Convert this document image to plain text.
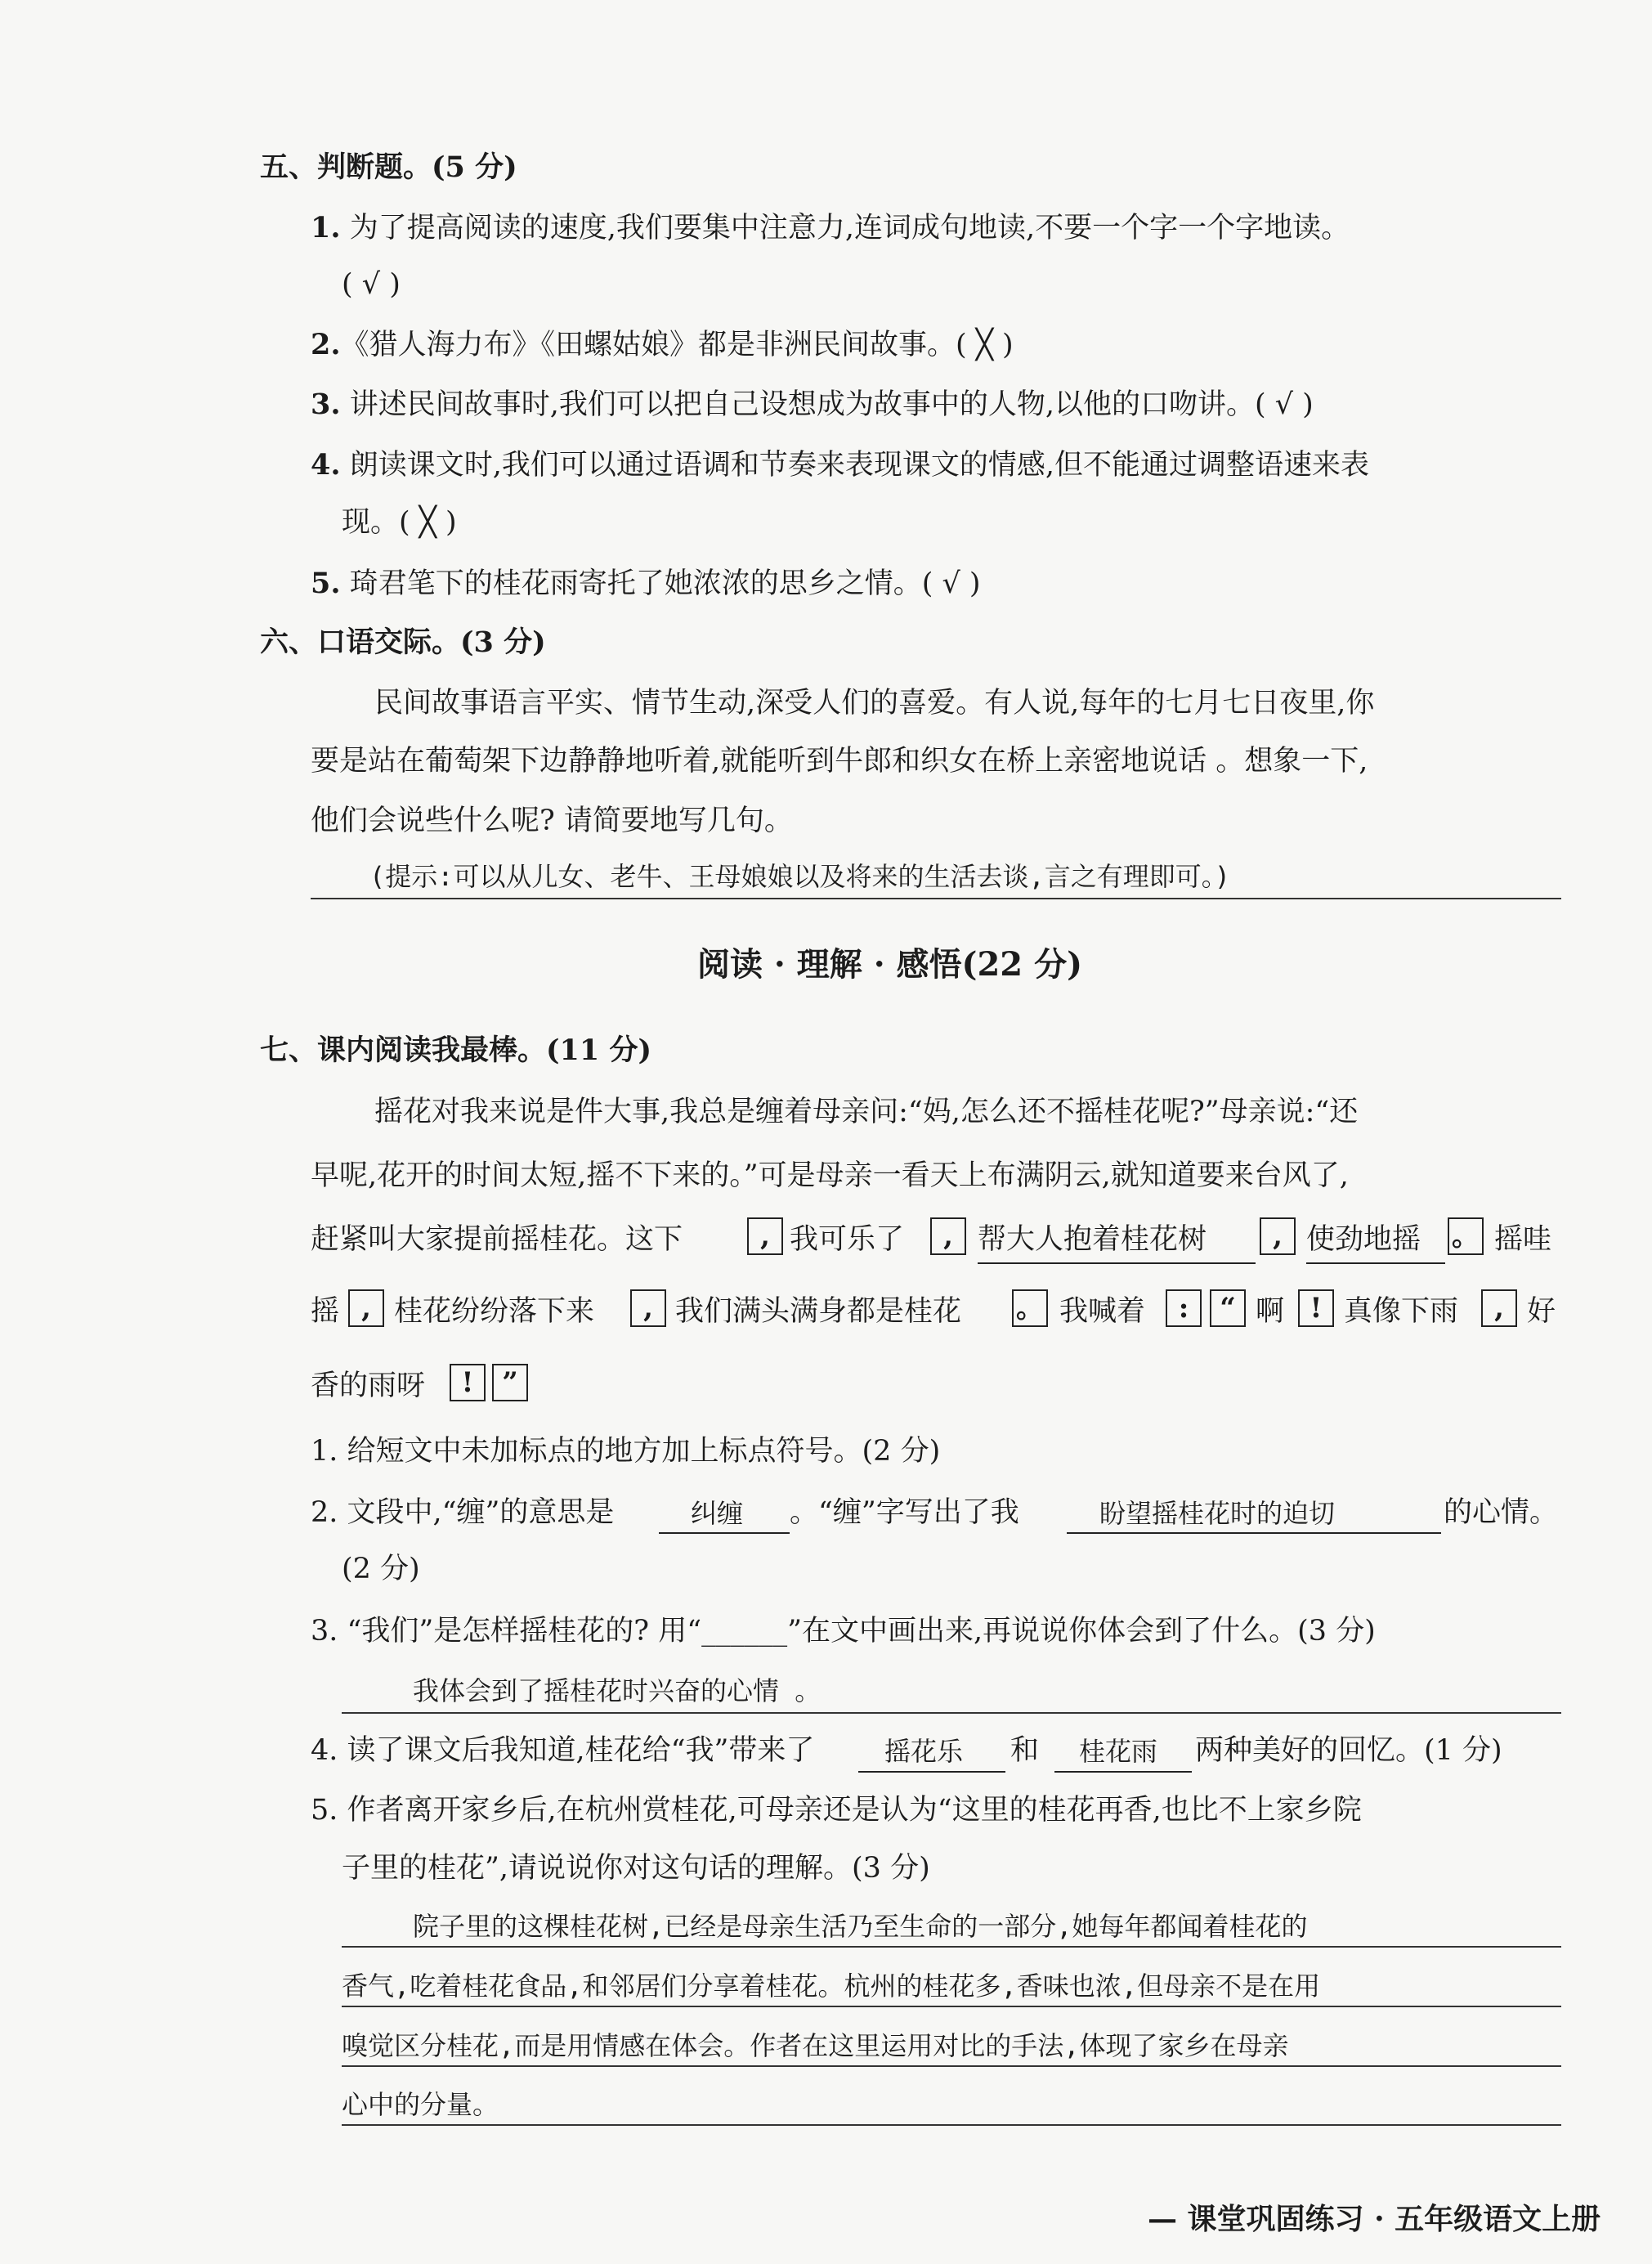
五、判断题。(5 分)
1. 为了提高阅读的速度,我们要集中注意力,连词成句地读,不要一个字一个字地读。
( √ )
2.《猎人海力布》《田螺姑娘》都是非洲民间故事。( ╳ )
3. 讲述民间故事时,我们可以把自己设想成为故事中的人物,以他的口吻讲。( √ )
4. 朗读课文时,我们可以通过语调和节奏来表现课文的情感,但不能通过调整语速来表
现。( ╳ )
5. 琦君笔下的桂花雨寄托了她浓浓的思乡之情。( √ )
六、口语交际。(3 分)
民间故事语言平实、情节生动,深受人们的喜爱。有人说,每年的七月七日夜里,你
要是站在葡萄架下边静静地听着,就能听到牛郎和织女在桥上亲密地说话 。想象一下,
他们会说些什么呢? 请简要地写几句。
(提示:可以从儿女、老牛、王母娘娘以及将来的生活去谈,言之有理即可。)
阅读 · 理解 · 感悟(22 分)
七、课内阅读我最棒。(11 分)
摇花对我来说是件大事,我总是缠着母亲问:“妈,怎么还不摇桂花呢?”母亲说:“还
早呢,花开的时间太短,摇不下来的。”可是母亲一看天上布满阴云,就知道要来台风了,
赶紧叫大家提前摇桂花。这下	, 我可乐了	, 帮大人抱着桂花树	, 使劲地摇 。 摇哇
摇 , 桂花纷纷落下来	, 我们满头满身都是桂花 。 我喊着	:	“ 啊 ! 真像下雨	, 好
香的雨呀	!	”
1. 给短文中未加标点的地方加上标点符号。(2 分)
2. 文段中,“缠”的意思是	纠缠 。“缠”字写出了我	盼望摇桂花时的迫切	的心情。
(2 分)
3. “我们”是怎样摇桂花的? 用“______”在文中画出来,再说说你体会到了什么。(3 分)
我体会到了摇桂花时兴奋的心情 。
4. 读了课文后我知道,桂花给“我”带来了	摇花乐 和 桂花雨 两种美好的回忆。(1 分)
5. 作者离开家乡后,在杭州赏桂花,可母亲还是认为“这里的桂花再香,也比不上家乡院
子里的桂花”,请说说你对这句话的理解。(3 分)
院子里的这棵桂花树,已经是母亲生活乃至生命的一部分,她每年都闻着桂花的
香气,吃着桂花食品,和邻居们分享着桂花。杭州的桂花多,香味也浓,但母亲不是在用
嗅觉区分桂花,而是用情感在体会。作者在这里运用对比的手法,体现了家乡在母亲
心中的分量。
— 课堂巩固练习 · 五年级语文上册
